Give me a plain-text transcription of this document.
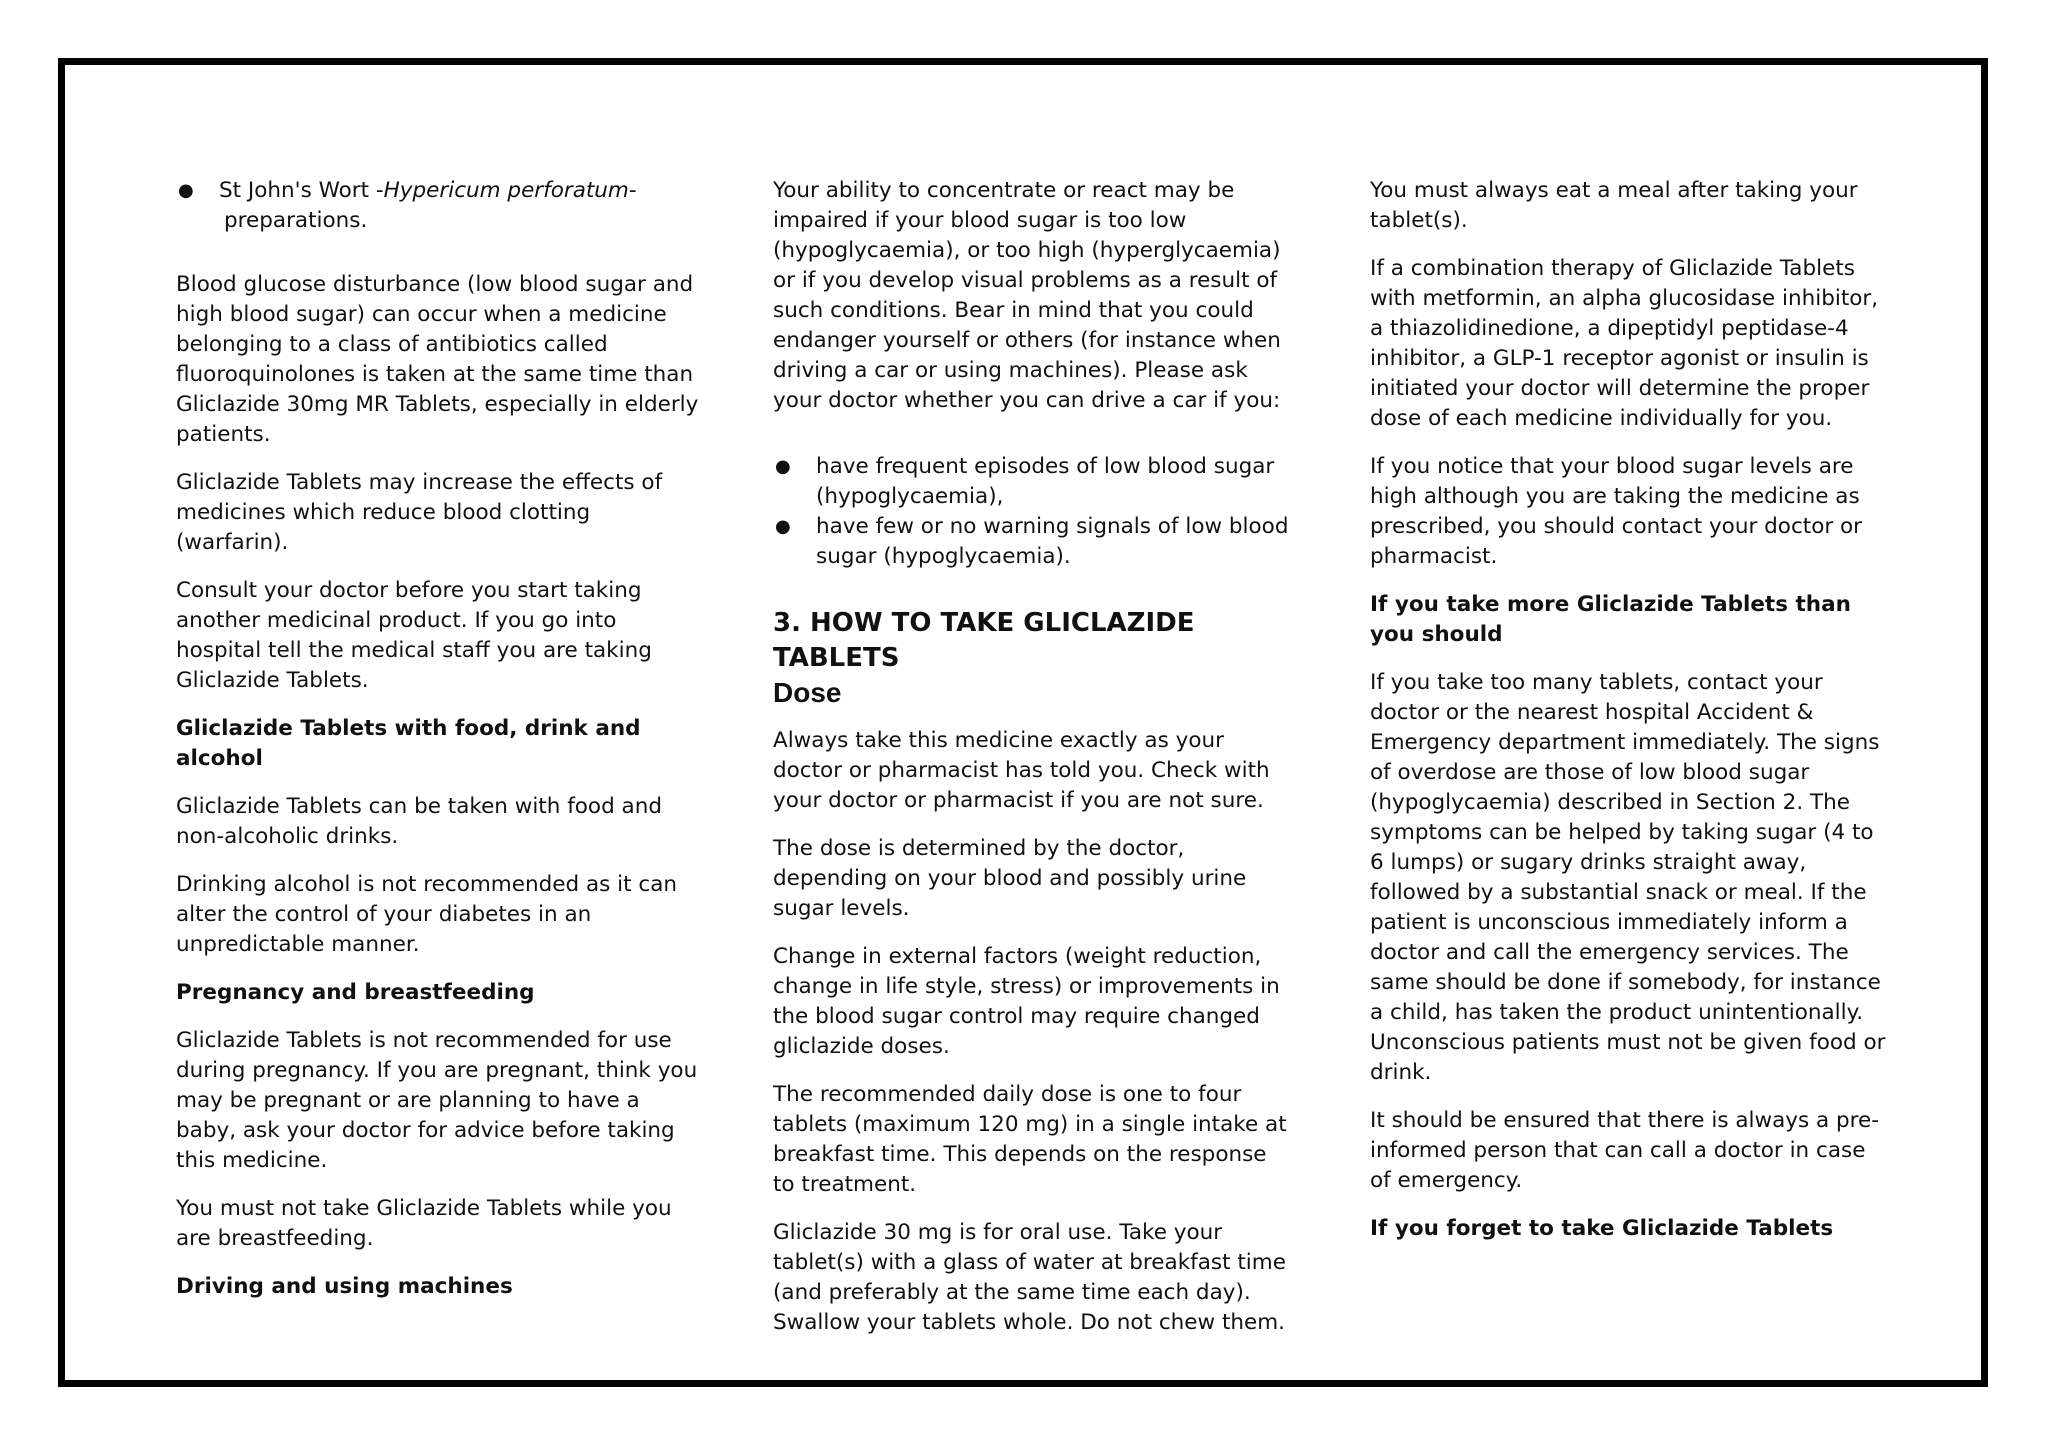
● St John's Wort -Hypericum perforatum-
preparations.

Blood glucose disturbance (low blood sugar and high blood sugar) can occur when a medicine belonging to a class of antibiotics called fluoroquinolones is taken at the same time than Gliclazide 30mg MR Tablets, especially in elderly patients.

Gliclazide Tablets may increase the effects of medicines which reduce blood clotting (warfarin).

Consult your doctor before you start taking another medicinal product. If you go into hospital tell the medical staff you are taking Gliclazide Tablets.

Gliclazide Tablets with food, drink and alcohol

Gliclazide Tablets can be taken with food and non-alcoholic drinks.

Drinking alcohol is not recommended as it can alter the control of your diabetes in an unpredictable manner.

Pregnancy and breastfeeding

Gliclazide Tablets is not recommended for use during pregnancy. If you are pregnant, think you may be pregnant or are planning to have a baby, ask your doctor for advice before taking this medicine.

You must not take Gliclazide Tablets while you are breastfeeding.

Driving and using machines

Your ability to concentrate or react may be impaired if your blood sugar is too low (hypoglycaemia), or too high (hyperglycaemia) or if you develop visual problems as a result of such conditions. Bear in mind that you could endanger yourself or others (for instance when driving a car or using machines). Please ask your doctor whether you can drive a car if you:

● have frequent episodes of low blood sugar (hypoglycaemia),
● have few or no warning signals of low blood sugar (hypoglycaemia).

3. HOW TO TAKE GLICLAZIDE TABLETS

Dose

Always take this medicine exactly as your doctor or pharmacist has told you. Check with your doctor or pharmacist if you are not sure.

The dose is determined by the doctor, depending on your blood and possibly urine sugar levels.

Change in external factors (weight reduction, change in life style, stress) or improvements in the blood sugar control may require changed gliclazide doses.

The recommended daily dose is one to four tablets (maximum 120 mg) in a single intake at breakfast time. This depends on the response to treatment.

Gliclazide 30 mg is for oral use. Take your tablet(s) with a glass of water at breakfast time (and preferably at the same time each day). Swallow your tablets whole. Do not chew them.

You must always eat a meal after taking your tablet(s).

If a combination therapy of Gliclazide Tablets with metformin, an alpha glucosidase inhibitor, a thiazolidinedione, a dipeptidyl peptidase-4 inhibitor, a GLP-1 receptor agonist or insulin is initiated your doctor will determine the proper dose of each medicine individually for you.

If you notice that your blood sugar levels are high although you are taking the medicine as prescribed, you should contact your doctor or pharmacist.

If you take more Gliclazide Tablets than you should

If you take too many tablets, contact your doctor or the nearest hospital Accident & Emergency department immediately. The signs of overdose are those of low blood sugar (hypoglycaemia) described in Section 2. The symptoms can be helped by taking sugar (4 to 6 lumps) or sugary drinks straight away, followed by a substantial snack or meal. If the patient is unconscious immediately inform a doctor and call the emergency services. The same should be done if somebody, for instance a child, has taken the product unintentionally. Unconscious patients must not be given food or drink.

It should be ensured that there is always a pre-informed person that can call a doctor in case of emergency.

If you forget to take Gliclazide Tablets
